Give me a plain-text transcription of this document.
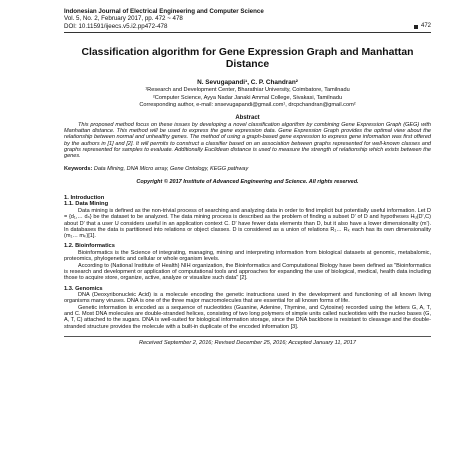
Indonesian Journal of Electrical Engineering and Computer Science
Vol. 5, No. 2, February 2017, pp. 472 ~ 478
DOI: 10.11591/ijeecs.v5.i2.pp472-478	472
Classification algorithm for Gene Expression Graph and Manhattan Distance
N. Sevugapandi¹, C. P. Chandran²
¹Research and Development Center, Bharathiar University, Coimbatore, Tamilnadu
²Computer Science, Ayya Nadar Janaki Ammal College, Sivakasi, Tamilnadu
Corresponding author, e-mail: snsevugapandi@gmail.com¹, drcpchandran@gmail.com²
Abstract
This proposed method focus on these issues by developing a novel classification algorithm by combining Gene Expression Graph (GEG) with Manhattan distance. This method will be used to express the gene expression data. Gene Expression Graph provides the optimal view about the relationship between normal and unhealthy genes. The method of using a graph-based gene expression to express gene information was first offered by the authors in [1] and [2]. It will permits to construct a classifier based on an association between graphs represented for well-known classes and graphs represented for samples to evaluate. Additionally Euclidean distance is used to measure the strength of relationship which exists between the genes.
Keywords: Data Mining, DNA Micro array, Gene Ontology, KEGG pathway
Copyright © 2017 Institute of Advanced Engineering and Science. All rights reserved.
1. Introduction
1.1. Data Mining
Data mining is defined as the non-trivial process of searching and analyzing data in order to find implicit but potentially useful information. Let D = {d₁,… dₙ} be the dataset to be analyzed. The data mining process is described as the problem of finding a subset D' of D and hypotheses Hᵤ(D',C) about D' that a user U considers useful in an application context C. D' have fewer data elements than D, but it also have a lower dimensionality (m'). In databases the data is partitioned into relations or object classes. D is considered as a union of relations R₁… Rₖ each has its own dimensionality (m₁… mₖ)[1].
1.2. Bioinformatics
Bioinformatics is the Science of integrating, managing, mining and interpreting information from biological datasets at genomic, metabalomic, proteomics, phylogenetic and cellular or whole organism levels.
According to (National Institute of Health) NIH organization, the Bioinformatics and Computational Biology have been defined as "Bioinformatics is research and development or application of computational tools and approaches for expanding the use of biological, medical, health data including those to acquire store, organize, active, analyze or visualize such data" [2].
1.3. Genomics
DNA (Deoxyribonucleic Acid) is a molecule encoding the genetic instructions used in the development and functioning of all known living organisms many viruses. DNA is one of the three major macromolecules that are essential for all known forms of life.
Genetic information is encoded as a sequence of nucleotides (Guanine, Adenine, Thymine, and Cytosine) recorded using the letters G, A, T, and C. Most DNA molecules are double-stranded helices, consisting of two long polymers of simple units called nucleotides with the nucleo bases (G, A, T, C) attached to the sugars. DNA is well-suited for biological information storage, since the DNA backbone is resistant to cleavage and the double-stranded structure provides the molecule with a built-in duplicate of the encoded information [3].
Received September 2, 2016; Revised December 25, 2016; Accepted January 11, 2017
